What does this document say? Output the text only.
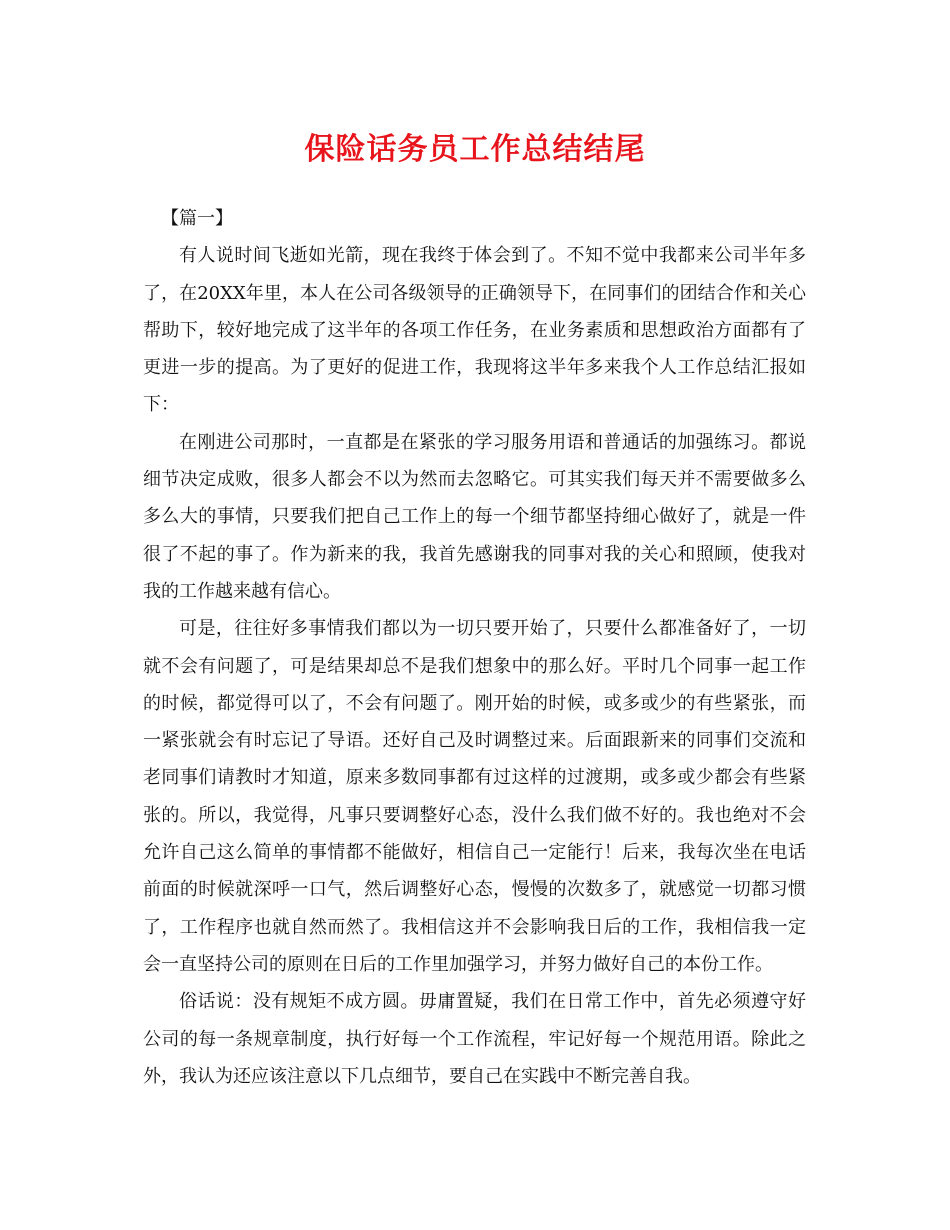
保险话务员工作总结结尾

【篇一】

有人说时间飞逝如光箭，现在我终于体会到了。不知不觉中我都来公司半年多了，在20XX年里，本人在公司各级领导的正确领导下，在同事们的团结合作和关心帮助下，较好地完成了这半年的各项工作任务，在业务素质和思想政治方面都有了更进一步的提高。为了更好的促进工作，我现将这半年多来我个人工作总结汇报如下：

在刚进公司那时，一直都是在紧张的学习服务用语和普通话的加强练习。都说细节决定成败，很多人都会不以为然而去忽略它。可其实我们每天并不需要做多么多么大的事情，只要我们把自己工作上的每一个细节都坚持细心做好了，就是一件很了不起的事了。作为新来的我，我首先感谢我的同事对我的关心和照顾，使我对我的工作越来越有信心。

可是，往往好多事情我们都以为一切只要开始了，只要什么都准备好了，一切就不会有问题了，可是结果却总不是我们想象中的那么好。平时几个同事一起工作的时候，都觉得可以了，不会有问题了。刚开始的时候，或多或少的有些紧张，而一紧张就会有时忘记了导语。还好自己及时调整过来。后面跟新来的同事们交流和老同事们请教时才知道，原来多数同事都有过这样的过渡期，或多或少都会有些紧张的。所以，我觉得，凡事只要调整好心态，没什么我们做不好的。我也绝对不会允许自己这么简单的事情都不能做好，相信自己一定能行！后来，我每次坐在电话前面的时候就深呼一口气，然后调整好心态，慢慢的次数多了，就感觉一切都习惯了，工作程序也就自然而然了。我相信这并不会影响我日后的工作，我相信我一定会一直坚持公司的原则在日后的工作里加强学习，并努力做好自己的本份工作。

俗话说：没有规矩不成方圆。毋庸置疑，我们在日常工作中，首先必须遵守好公司的每一条规章制度，执行好每一个工作流程，牢记好每一个规范用语。除此之外，我认为还应该注意以下几点细节，要自己在实践中不断完善自我。
